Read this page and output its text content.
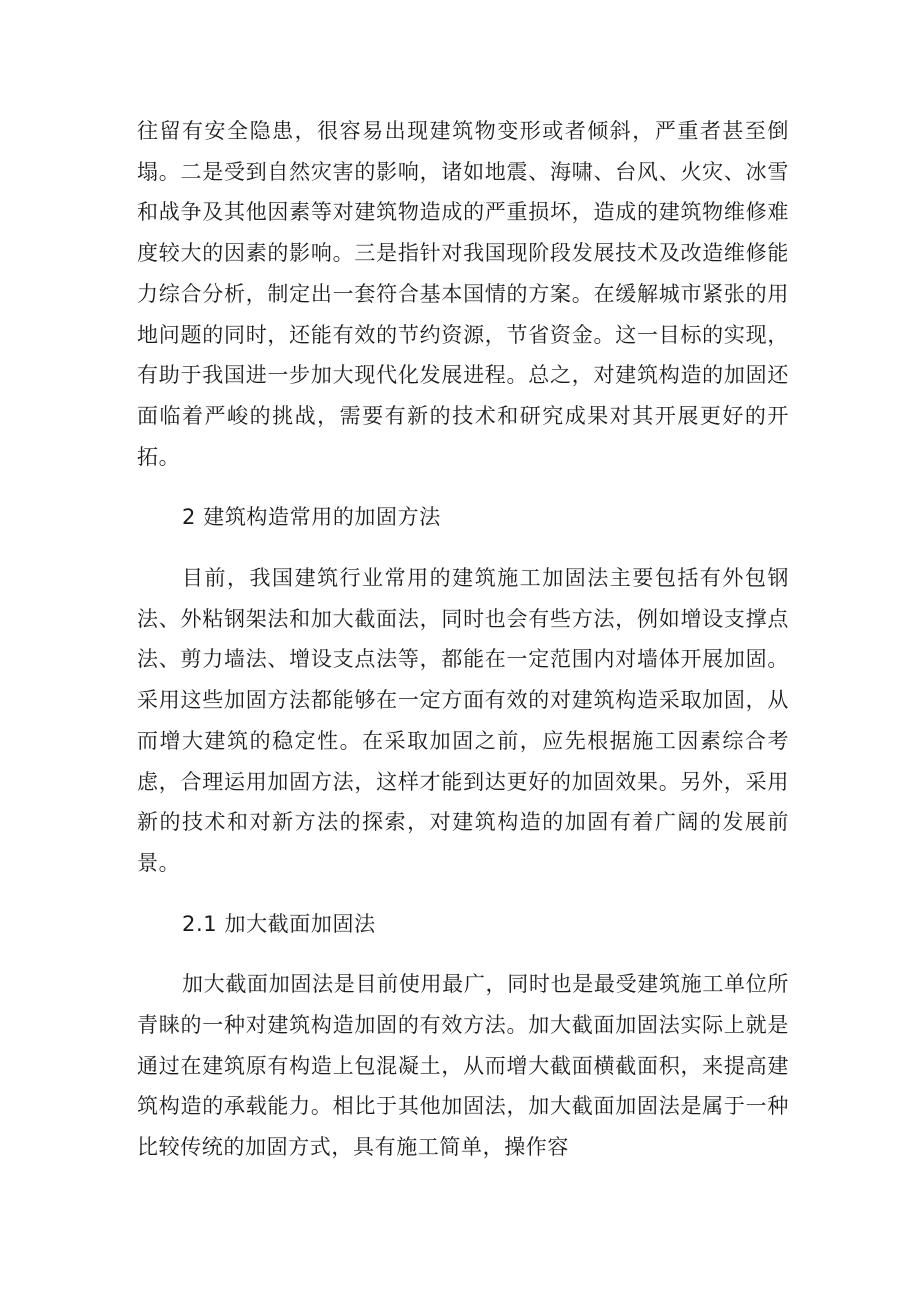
往留有安全隐患，很容易出现建筑物变形或者倾斜，严重者甚至倒塌。二是受到自然灾害的影响，诸如地震、海啸、台风、火灾、冰雪和战争及其他因素等对建筑物造成的严重损坏，造成的建筑物维修难度较大的因素的影响。三是指针对我国现阶段发展技术及改造维修能力综合分析，制定出一套符合基本国情的方案。在缓解城市紧张的用地问题的同时，还能有效的节约资源，节省资金。这一目标的实现，有助于我国进一步加大现代化发展进程。总之，对建筑构造的加固还面临着严峻的挑战，需要有新的技术和研究成果对其开展更好的开拓。

2 建筑构造常用的加固方法

目前，我国建筑行业常用的建筑施工加固法主要包括有外包钢法、外粘钢架法和加大截面法，同时也会有些方法，例如增设支撑点法、剪力墙法、增设支点法等，都能在一定范围内对墙体开展加固。采用这些加固方法都能够在一定方面有效的对建筑构造采取加固，从而增大建筑的稳定性。在采取加固之前，应先根据施工因素综合考虑，合理运用加固方法，这样才能到达更好的加固效果。另外，采用新的技术和对新方法的探索，对建筑构造的加固有着广阔的发展前景。

2.1 加大截面加固法

加大截面加固法是目前使用最广，同时也是最受建筑施工单位所青睐的一种对建筑构造加固的有效方法。加大截面加固法实际上就是通过在建筑原有构造上包混凝土，从而增大截面横截面积，来提高建筑构造的承载能力。相比于其他加固法，加大截面加固法是属于一种比较传统的加固方式，具有施工简单，操作容
